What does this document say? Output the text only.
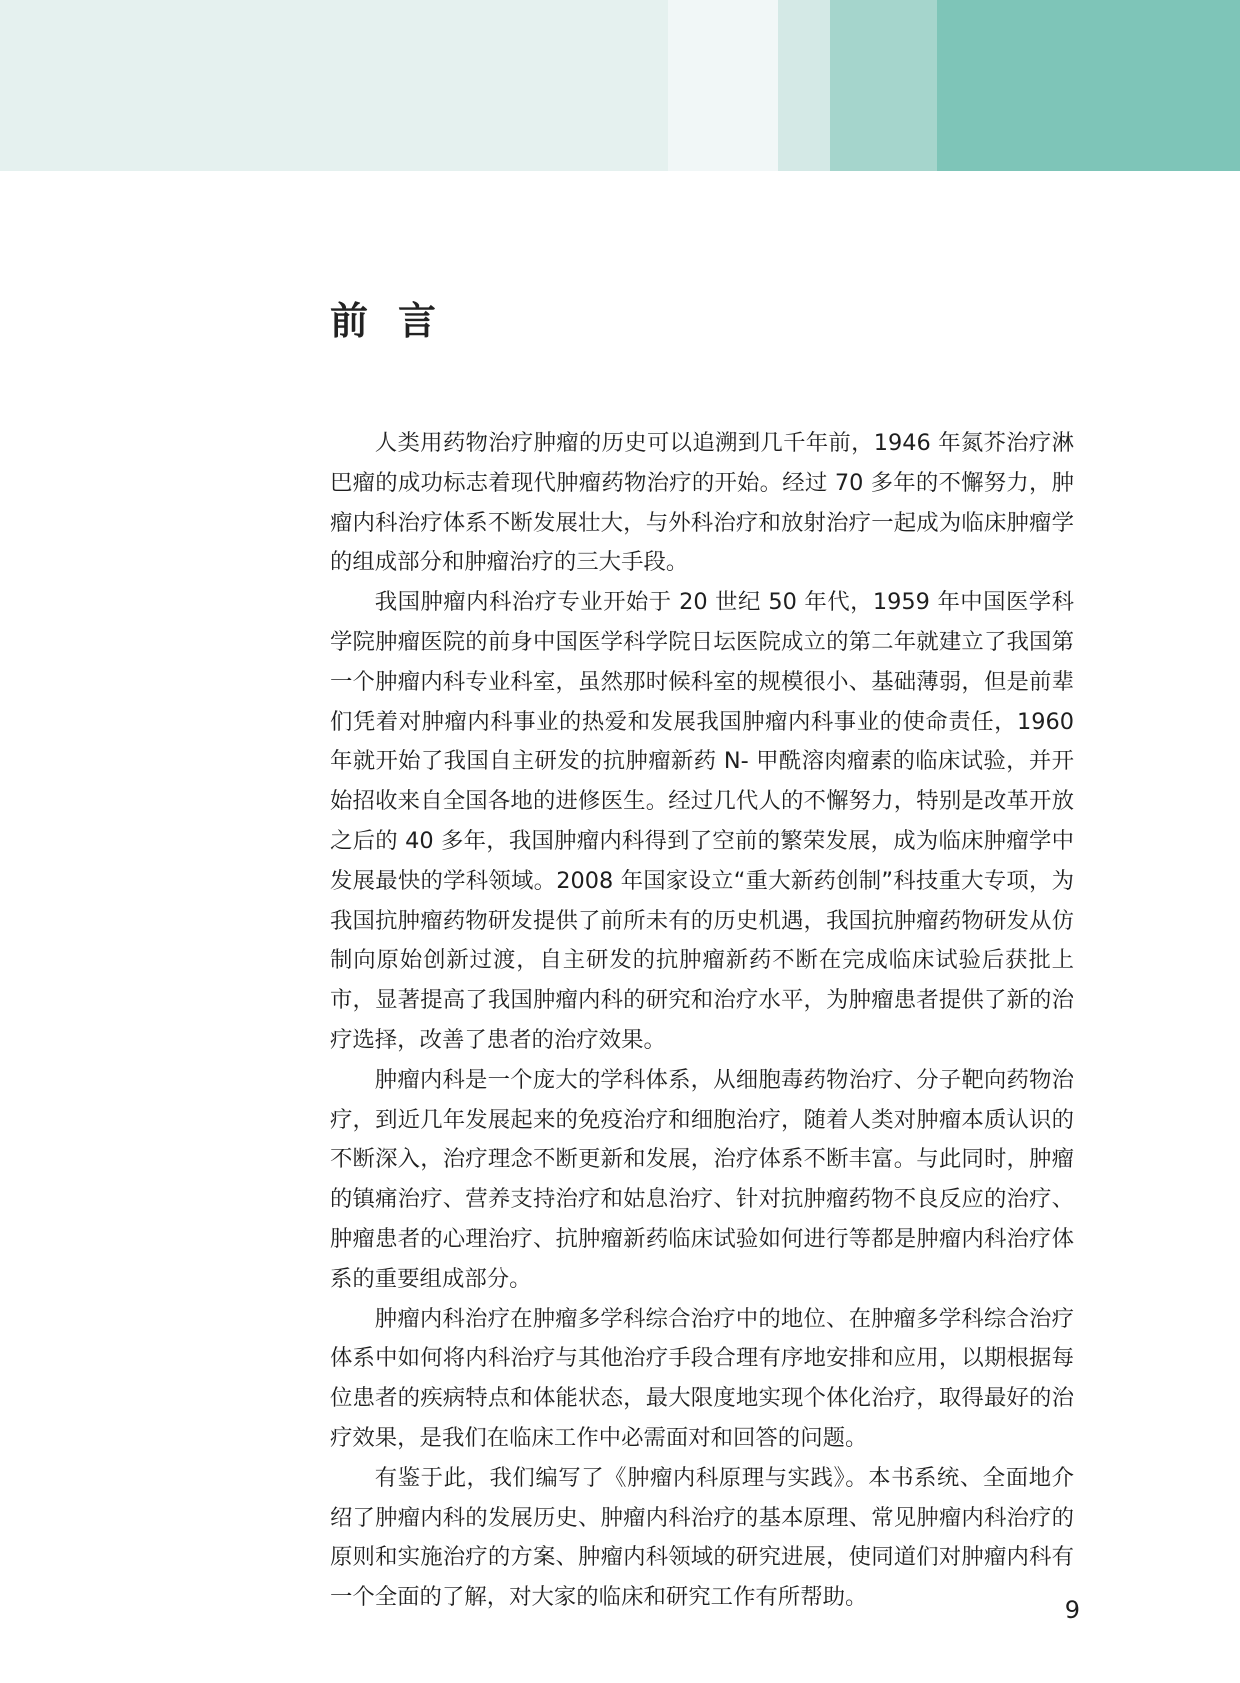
前言

人类用药物治疗肿瘤的历史可以追溯到几千年前，1946 年氮芥治疗淋巴瘤的成功标志着现代肿瘤药物治疗的开始。经过 70 多年的不懈努力，肿瘤内科治疗体系不断发展壮大，与外科治疗和放射治疗一起成为临床肿瘤学的组成部分和肿瘤治疗的三大手段。

我国肿瘤内科治疗专业开始于 20 世纪 50 年代，1959 年中国医学科学院肿瘤医院的前身中国医学科学院日坛医院成立的第二年就建立了我国第一个肿瘤内科专业科室，虽然那时候科室的规模很小、基础薄弱，但是前辈们凭着对肿瘤内科事业的热爱和发展我国肿瘤内科事业的使命责任，1960 年就开始了我国自主研发的抗肿瘤新药 N- 甲酰溶肉瘤素的临床试验，并开始招收来自全国各地的进修医生。经过几代人的不懈努力，特别是改革开放之后的 40 多年，我国肿瘤内科得到了空前的繁荣发展，成为临床肿瘤学中发展最快的学科领域。2008 年国家设立“重大新药创制”科技重大专项，为我国抗肿瘤药物研发提供了前所未有的历史机遇，我国抗肿瘤药物研发从仿制向原始创新过渡，自主研发的抗肿瘤新药不断在完成临床试验后获批上市，显著提高了我国肿瘤内科的研究和治疗水平，为肿瘤患者提供了新的治疗选择，改善了患者的治疗效果。

肿瘤内科是一个庞大的学科体系，从细胞毒药物治疗、分子靶向药物治疗，到近几年发展起来的免疫治疗和细胞治疗，随着人类对肿瘤本质认识的不断深入，治疗理念不断更新和发展，治疗体系不断丰富。与此同时，肿瘤的镇痛治疗、营养支持治疗和姑息治疗、针对抗肿瘤药物不良反应的治疗、肿瘤患者的心理治疗、抗肿瘤新药临床试验如何进行等都是肿瘤内科治疗体系的重要组成部分。

肿瘤内科治疗在肿瘤多学科综合治疗中的地位、在肿瘤多学科综合治疗体系中如何将内科治疗与其他治疗手段合理有序地安排和应用，以期根据每位患者的疾病特点和体能状态，最大限度地实现个体化治疗，取得最好的治疗效果，是我们在临床工作中必需面对和回答的问题。

有鉴于此，我们编写了《肿瘤内科原理与实践》。本书系统、全面地介绍了肿瘤内科的发展历史、肿瘤内科治疗的基本原理、常见肿瘤内科治疗的原则和实施治疗的方案、肿瘤内科领域的研究进展，使同道们对肿瘤内科有一个全面的了解，对大家的临床和研究工作有所帮助。	9
